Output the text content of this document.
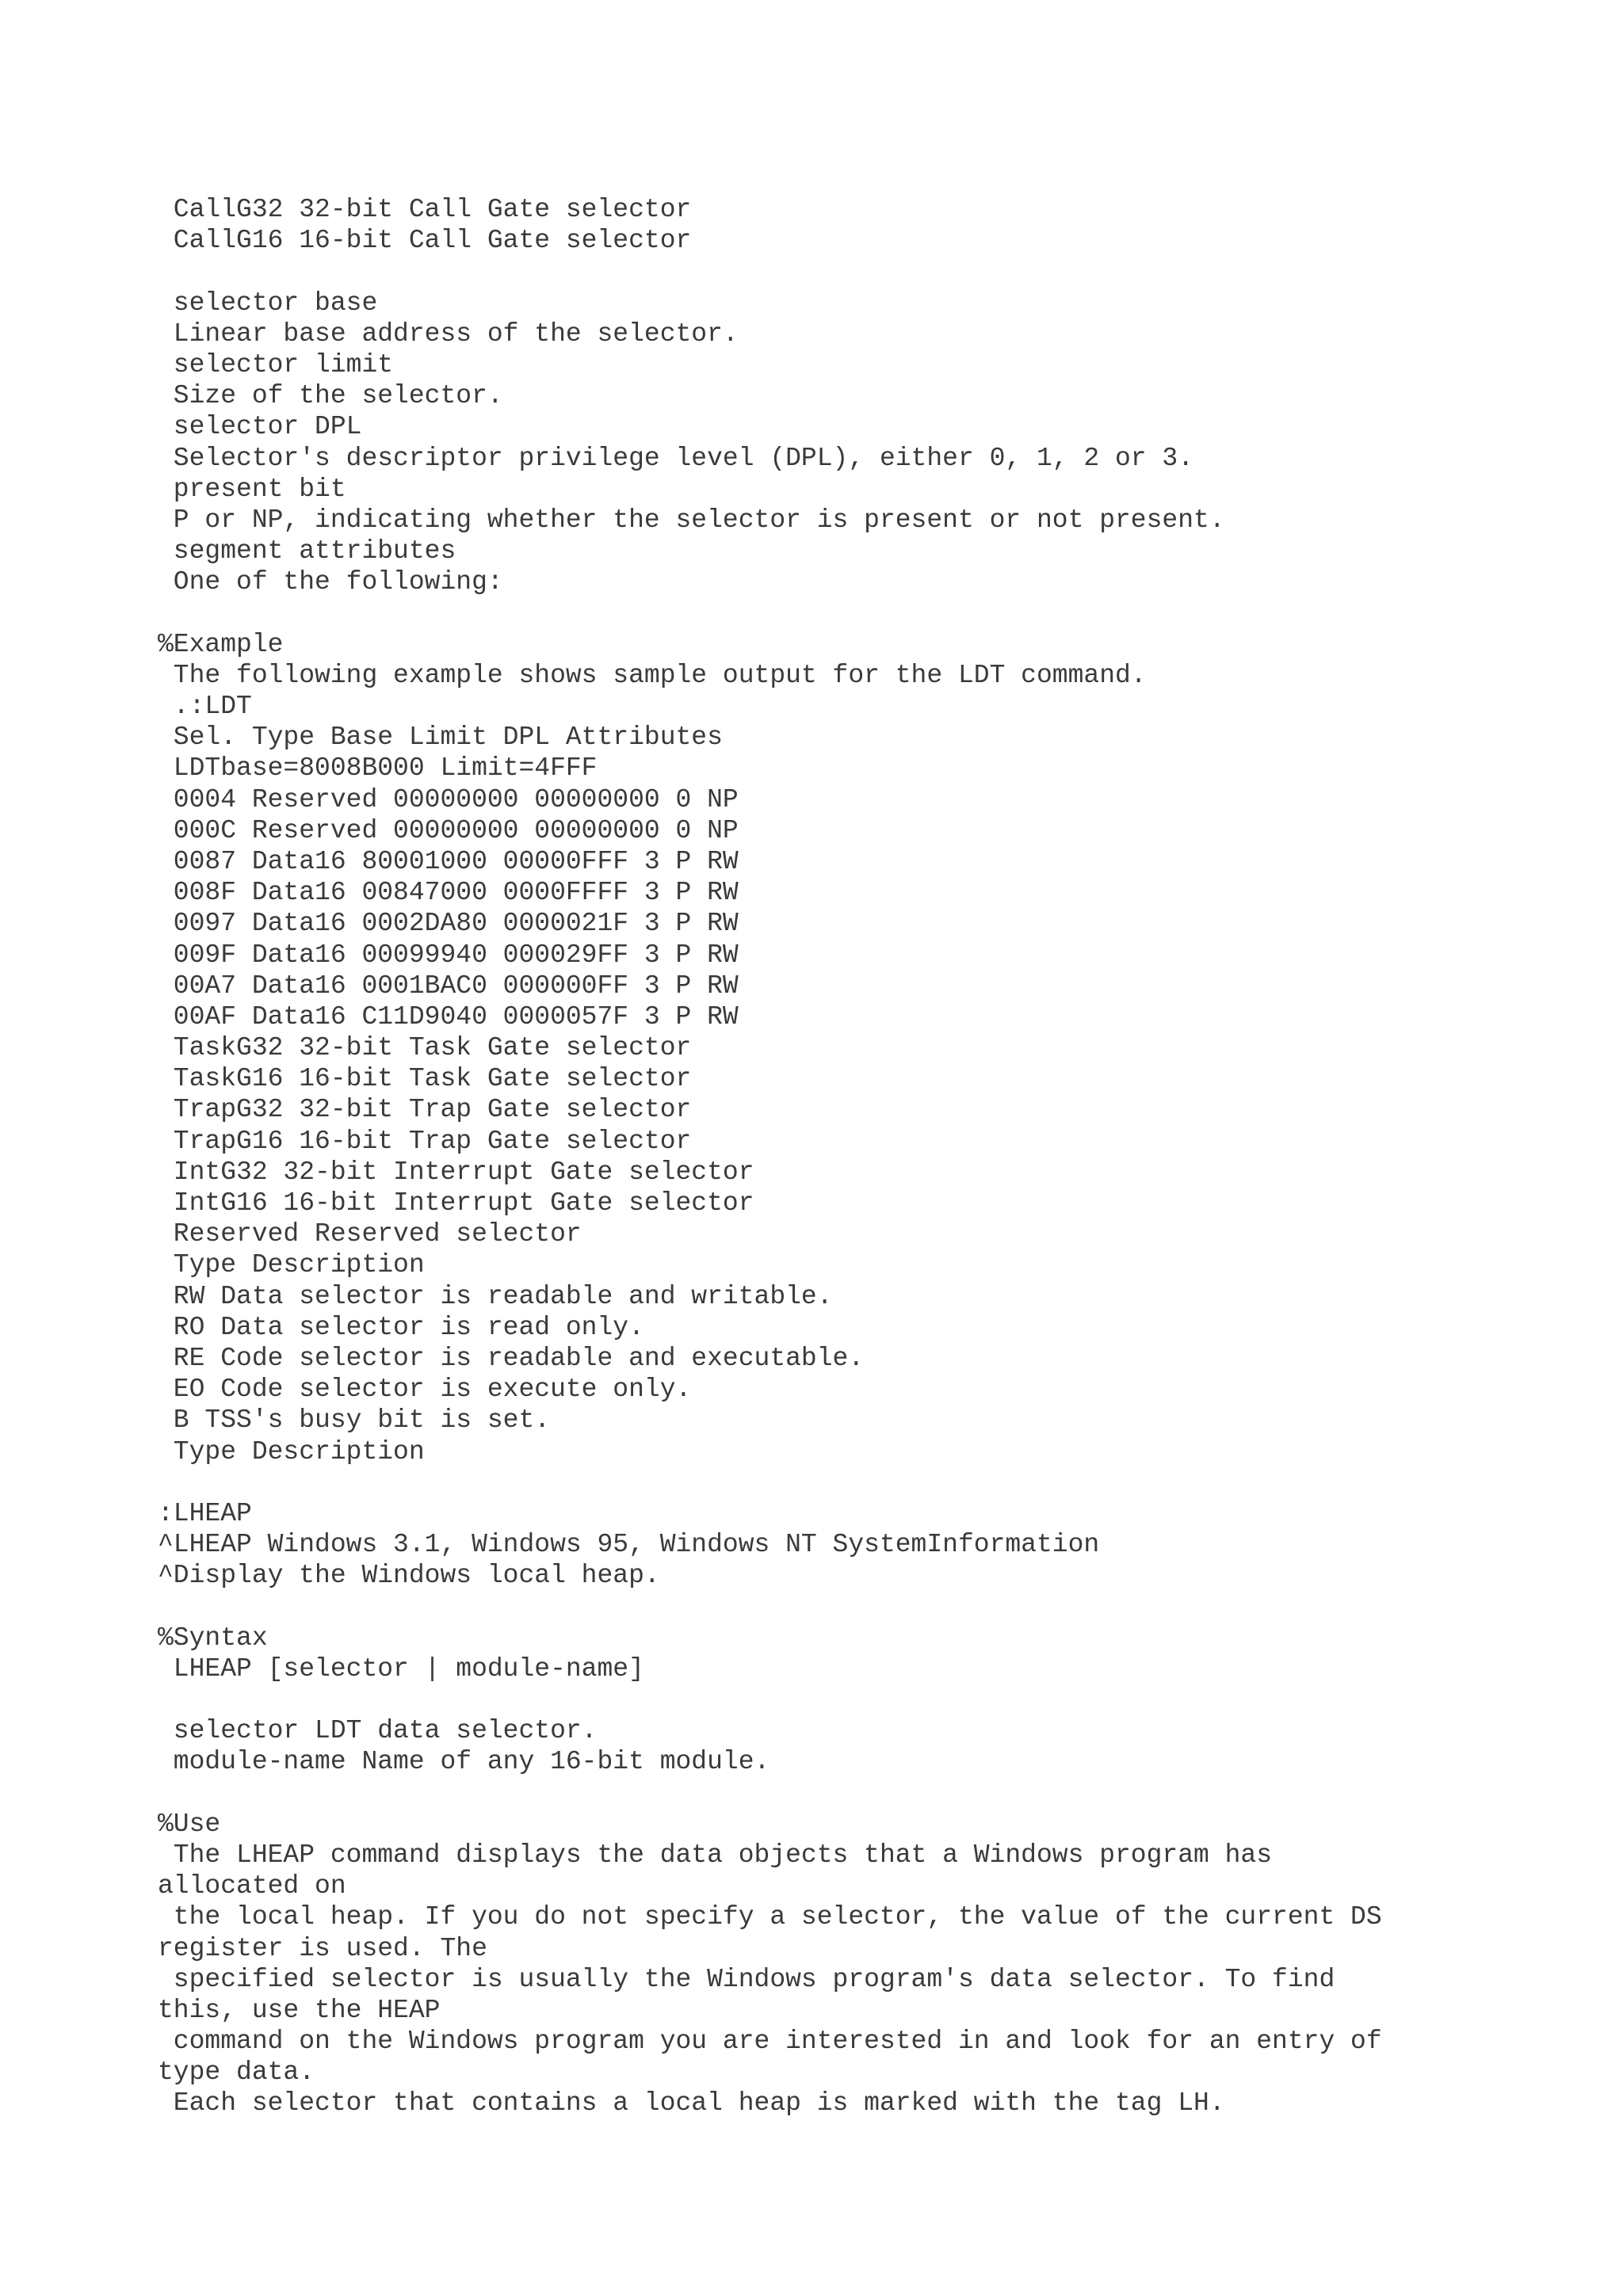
CallG32 32-bit Call Gate selector
CallG16 16-bit Call Gate selector
selector base
Linear base address of the selector.
selector limit
Size of the selector.
selector DPL
Selector's descriptor privilege level (DPL), either 0, 1, 2 or 3.
present bit
P or NP, indicating whether the selector is present or not present.
segment attributes
One of the following:
%Example
The following example shows sample output for the LDT command.
.:LDT
Sel. Type Base Limit DPL Attributes
LDTbase=8008B000 Limit=4FFF
0004 Reserved 00000000 00000000 0 NP
000C Reserved 00000000 00000000 0 NP
0087 Data16 80001000 00000FFF 3 P RW
008F Data16 00847000 0000FFFF 3 P RW
0097 Data16 0002DA80 0000021F 3 P RW
009F Data16 00099940 000029FF 3 P RW
00A7 Data16 0001BAC0 000000FF 3 P RW
00AF Data16 C11D9040 0000057F 3 P RW
TaskG32 32-bit Task Gate selector
TaskG16 16-bit Task Gate selector
TrapG32 32-bit Trap Gate selector
TrapG16 16-bit Trap Gate selector
IntG32 32-bit Interrupt Gate selector
IntG16 16-bit Interrupt Gate selector
Reserved Reserved selector
Type Description
RW Data selector is readable and writable.
RO Data selector is read only.
RE Code selector is readable and executable.
EO Code selector is execute only.
B TSS's busy bit is set.
Type Description
:LHEAP
^LHEAP Windows 3.1, Windows 95, Windows NT SystemInformation
^Display the Windows local heap.
%Syntax
LHEAP [selector | module-name]
selector LDT data selector.
module-name Name of any 16-bit module.
%Use
The LHEAP command displays the data objects that a Windows program has
allocated on
the local heap. If you do not specify a selector, the value of the current DS
register is used. The
specified selector is usually the Windows program's data selector. To find
this, use the HEAP
command on the Windows program you are interested in and look for an entry of
type data.
Each selector that contains a local heap is marked with the tag LH.
